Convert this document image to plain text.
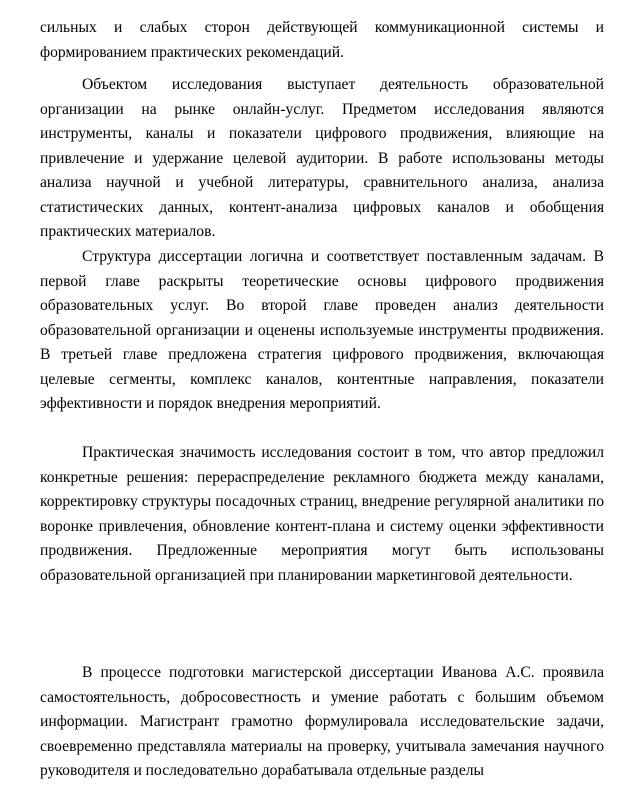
сильных и слабых сторон действующей коммуникационной системы и формированием практических рекомендаций.

Объектом исследования выступает деятельность образовательной организации на рынке онлайн-услуг. Предметом исследования являются инструменты, каналы и показатели цифрового продвижения, влияющие на привлечение и удержание целевой аудитории. В работе использованы методы анализа научной и учебной литературы, сравнительного анализа, анализа статистических данных, контент-анализа цифровых каналов и обобщения практических материалов.

Структура диссертации логична и соответствует поставленным задачам. В первой главе раскрыты теоретические основы цифрового продвижения образовательных услуг. Во второй главе проведен анализ деятельности образовательной организации и оценены используемые инструменты продвижения. В третьей главе предложена стратегия цифрового продвижения, включающая целевые сегменты, комплекс каналов, контентные направления, показатели эффективности и порядок внедрения мероприятий.

Практическая значимость исследования состоит в том, что автор предложил конкретные решения: перераспределение рекламного бюджета между каналами, корректировку структуры посадочных страниц, внедрение регулярной аналитики по воронке привлечения, обновление контент-плана и систему оценки эффективности продвижения. Предложенные мероприятия могут быть использованы образовательной организацией при планировании маркетинговой деятельности.

В процессе подготовки магистерской диссертации Иванова А.С. проявила самостоятельность, добросовестность и умение работать с большим объемом информации. Магистрант грамотно формулировала исследовательские задачи, своевременно представляла материалы на проверку, учитывала замечания научного руководителя и последовательно дорабатывала отдельные разделы
